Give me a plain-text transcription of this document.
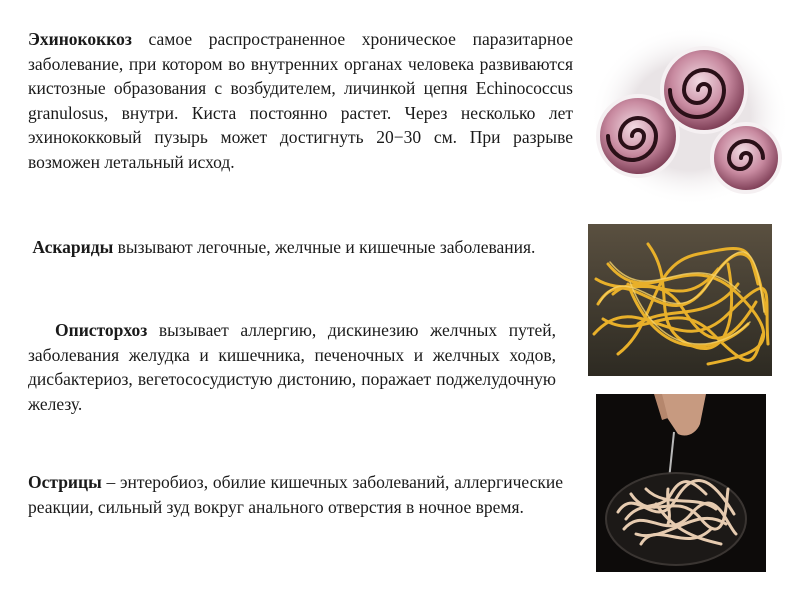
Эхинококкоз самое распространенное хроническое паразитарное заболевание, при котором во внутренних органах человека развиваются кистозные образования с возбудителем, личинкой цепня Echinococcus granulosus, внутри. Киста постоянно растет. Через несколько лет эхинококковый пузырь может достигнуть 20−30 см. При разрыве возможен летальный исход.

Аскариды вызывают легочные, желчные и кишечные заболевания.

Описторхоз вызывает аллергию, дискинезию желчных путей, заболевания желудка и кишечника, печеночных и желчных ходов, дисбактериоз, вегетососудистую дистонию, поражает поджелудочную железу.

Острицы – энтеробиоз, обилие кишечных заболеваний, аллергические реакции, сильный зуд вокруг анального отверстия в ночное время.
